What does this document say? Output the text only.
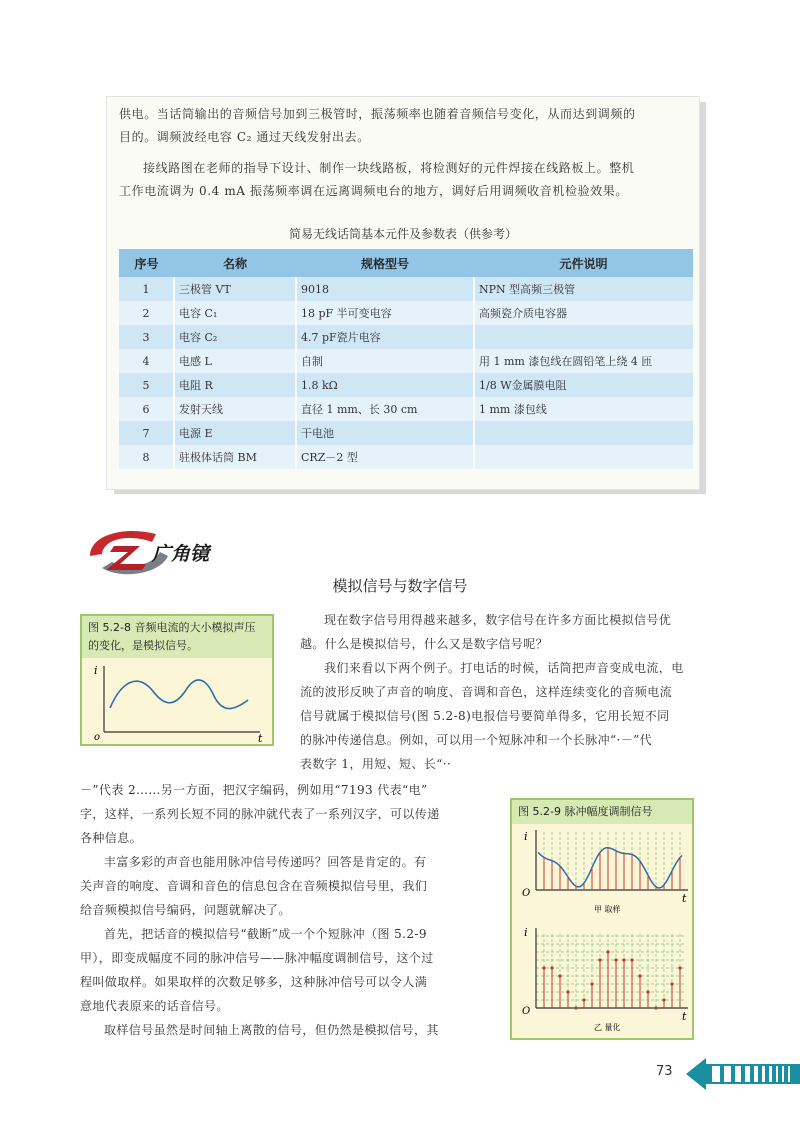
供电。当话筒输出的音频信号加到三极管时，振荡频率也随着音频信号变化，从而达到调频的
目的。调频波经电容 C₂ 通过天线发射出去。
接线路图在老师的指导下设计、制作一块线路板，将检测好的元件焊接在线路板上。整机
工作电流调为 0.4 mA 振荡频率调在远离调频电台的地方，调好后用调频收音机检验效果。
简易无线话筒基本元件及参数表（供参考）
序号	名称	规格型号	元件说明
1	三极管 VT	9018	NPN 型高频三极管
2	电容 C₁	18 pF 半可变电容	高频瓷介质电容器
3	电容 C₂	4.7 pF瓷片电容	
4	电感 L	自制	用 1 mm 漆包线在圆铅笔上绕 4 匝
5	电阻 R	1.8 kΩ	1/8 W金属膜电阻
6	发射天线	直径 1 mm、长 30 cm	1 mm 漆包线
7	电源 E	干电池	
8	驻极体话筒 BM	CRZ－2 型	
广角镜
模拟信号与数字信号
图 5.2-8 音频电流的大小模拟声压的变化，是模拟信号。
i
t
o
图 5.2-9 脉冲幅度调制信号
i
t
O
甲 取样
i
t
O
乙 量化
现在数字信号用得越来越多，数字信号在许多方面比模拟信号优
越。什么是模拟信号，什么又是数字信号呢？
我们来看以下两个例子。打电话的时候，话筒把声音变成电流，电
流的波形反映了声音的响度、音调和音色，这样连续变化的音频电流
信号就属于模拟信号(图 5.2-8)电报信号要简单得多，它用长短不同
的脉冲传递信息。例如，可以用一个短脉冲和一个长脉冲“·－”代
表数字 1，用短、短、长“··
－”代表 2……另一方面，把汉字编码，例如用“7193 代表“电”
字，这样，一系列长短不同的脉冲就代表了一系列汉字，可以传递
各种信息。
丰富多彩的声音也能用脉冲信号传递吗？回答是肯定的。有
关声音的响度、音调和音色的信息包含在音频模拟信号里，我们
给音频模拟信号编码，问题就解决了。
首先，把话音的模拟信号“截断”成一个个短脉冲（图 5.2-9
甲），即变成幅度不同的脉冲信号——脉冲幅度调制信号，这个过
程叫做取样。如果取样的次数足够多，这种脉冲信号可以令人满
意地代表原来的话音信号。
取样信号虽然是时间轴上离散的信号，但仍然是模拟信号，其
73
